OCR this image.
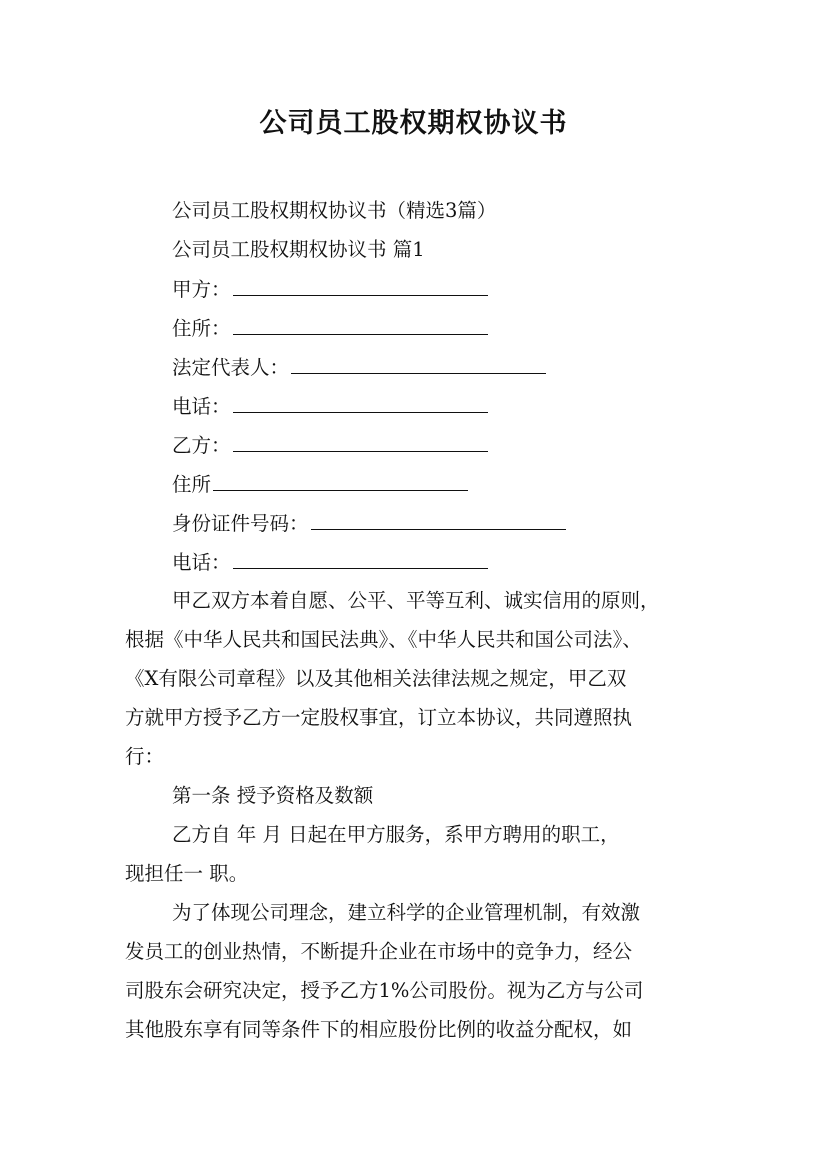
公司员工股权期权协议书
公司员工股权期权协议书（精选3篇）
公司员工股权期权协议书 篇1
甲方：
住所：
法定代表人：
电话：
乙方：
住所
身份证件号码：
电话：
甲乙双方本着自愿、公平、平等互利、诚实信用的原则，
根据《中华人民共和国民法典》、《中华人民共和国公司法》、
《X有限公司章程》以及其他相关法律法规之规定，甲乙双
方就甲方授予乙方一定股权事宜，订立本协议，共同遵照执
行：
第一条 授予资格及数额
乙方自 年 月 日起在甲方服务，系甲方聘用的职工，
现担任一 职。
为了体现公司理念，建立科学的企业管理机制，有效激
发员工的创业热情，不断提升企业在市场中的竞争力，经公
司股东会研究决定，授予乙方1%公司股份。视为乙方与公司
其他股东享有同等条件下的相应股份比例的收益分配权，如
